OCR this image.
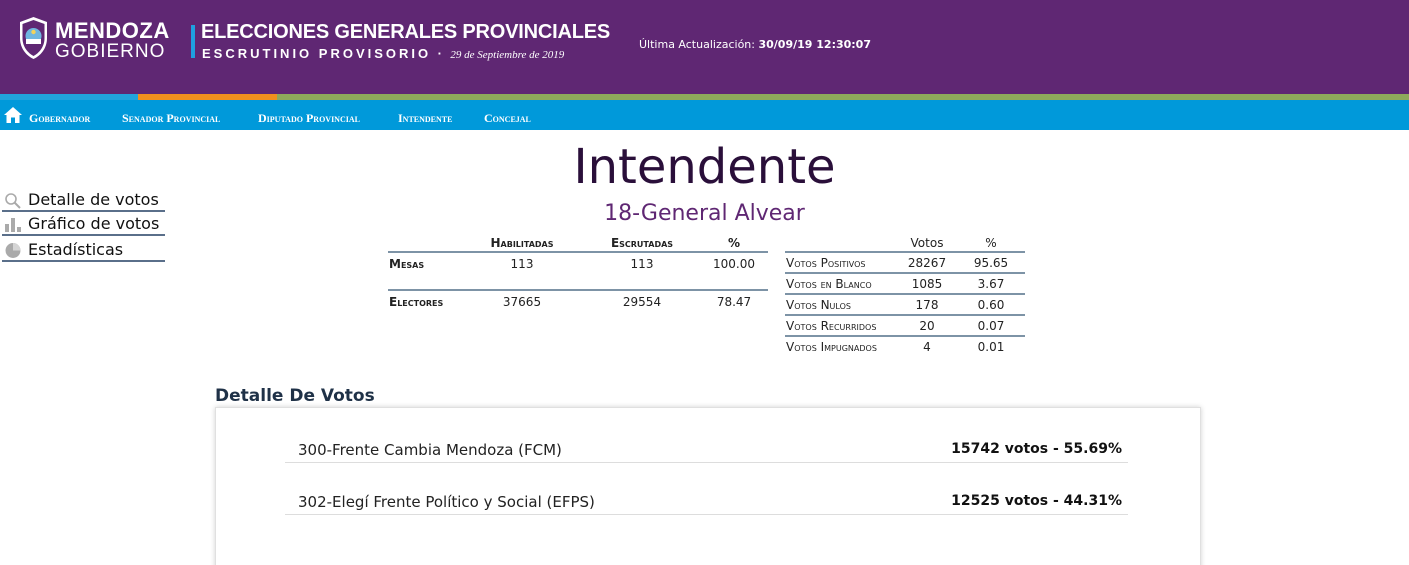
MENDOZA
GOBIERNO
ELECCIONES GENERALES PROVINCIALES
ESCRUTINIO PROVISORIO · 29 de Septiembre de 2019
Última Actualización: 30/09/19 12:30:07
Gobernador	Senador Provincial	Diputado Provincial	Intendente	Concejal
Detalle de votos
Gráfico de votos
Estadísticas
Intendente
18-General Alvear
Habilitadas	Escrutadas	%
Mesas	113	113	100.00
Electores	37665	29554	78.47
Votos	%
Votos Positivos	28267	95.65
Votos en Blanco	1085	3.67
Votos Nulos	178	0.60
Votos Recurridos	20	0.07
Votos Impugnados	4	0.01
Detalle De Votos
300-Frente Cambia Mendoza (FCM)	15742 votos - 55.69%
302-Elegí Frente Político y Social (EFPS)	12525 votos - 44.31%
